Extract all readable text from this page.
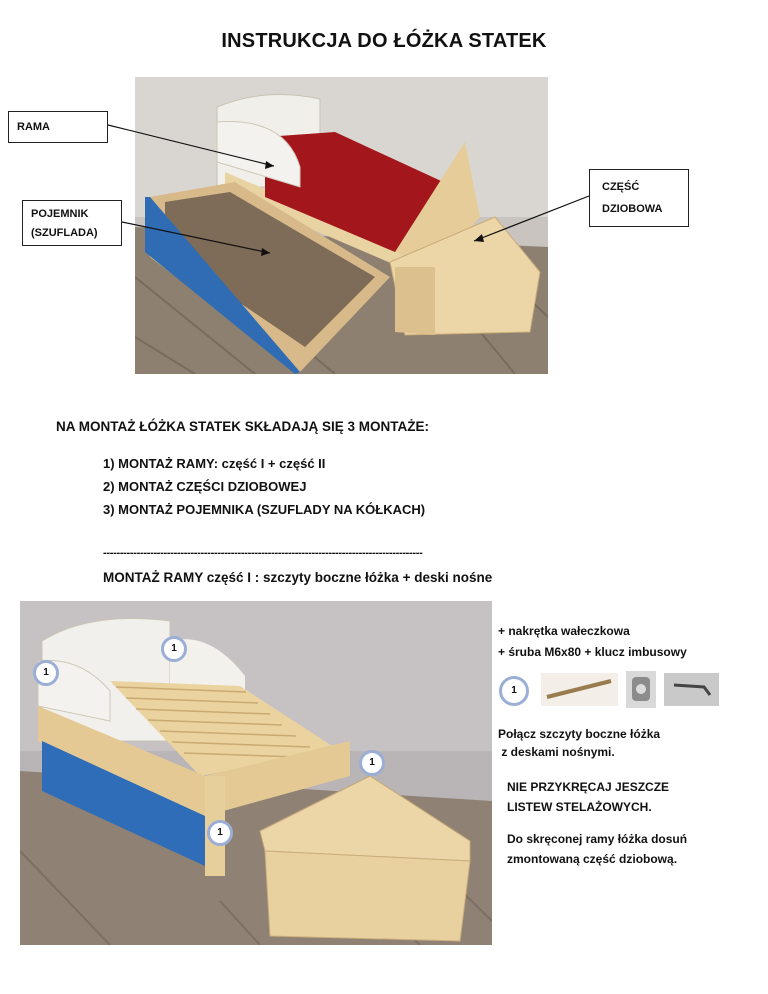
INSTRUKCJA DO ŁÓŻKA STATEK
RAMA
POJEMNIK
(SZUFLADA)
CZĘŚĆ
DZIOBOWA
NA MONTAŻ ŁÓŻKA STATEK SKŁADAJĄ SIĘ 3 MONTAŻE:
1) MONTAŻ RAMY: część I + część II
2) MONTAŻ CZĘŚCI DZIOBOWEJ
3) MONTAŻ POJEMNIKA (SZUFLADY NA KÓŁKACH)
-----------------------------------------------------------------------------------------------
MONTAŻ RAMY część I : szczyty boczne łóżka + deski nośne
1
1
1
1
+ nakrętka wałeczkowa
+ śruba M6x80 + klucz imbusowy
1
Połącz szczyty boczne łóżka
z deskami nośnymi.
NIE PRZYKRĘCAJ JESZCZE
LISTEW STELAŻOWYCH.
Do skręconej ramy łóżka dosuń
zmontowaną część dziobową.
